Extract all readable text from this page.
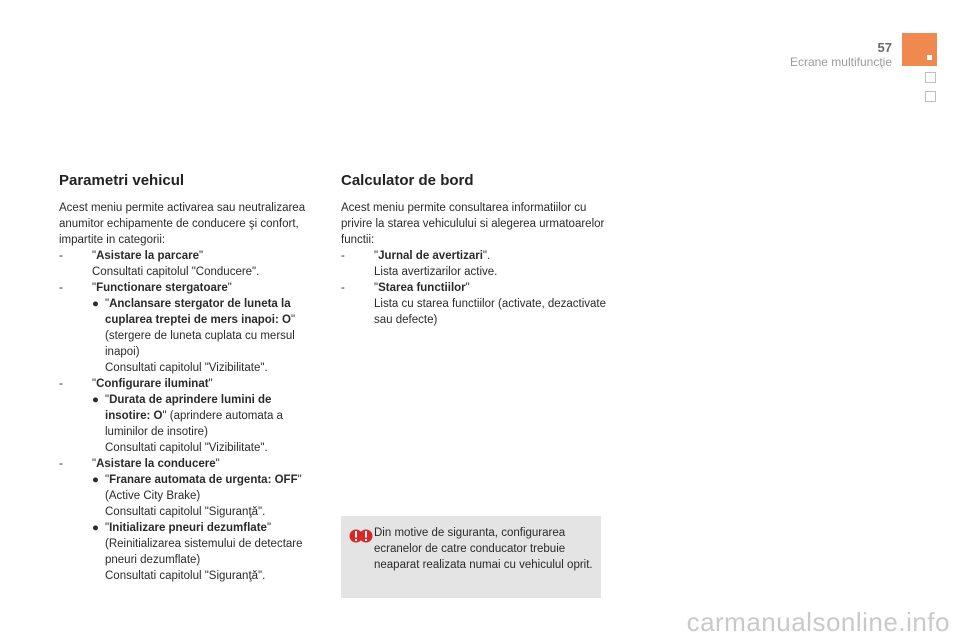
57
Ecrane multifuncţie
Parametri vehicul

Acest meniu permite activarea sau neutralizarea anumitor echipamente de conducere şi confort, impartite in categorii:

-	"Asistare la parcare"
Consultati capitolul "Conducere".
-	"Functionare stergatoare"
● "Anclansare stergator de luneta la cuplarea treptei de mers inapoi: O"
(stergere de luneta cuplata cu mersul inapoi)
Consultati capitolul "Vizibilitate".
-	"Configurare iluminat"
● "Durata de aprindere lumini de insotire: O" (aprindere automata a luminilor de insotire)
Consultati capitolul "Vizibilitate".
-	"Asistare la conducere"
● "Franare automata de urgenta: OFF"
(Active City Brake)
Consultati capitolul "Siguranţă".
● "Initializare pneuri dezumflate"
(Reinitializarea sistemului de detectare pneuri dezumflate)
Consultati capitolul "Siguranţă".
Calculator de bord

Acest meniu permite consultarea informatiilor cu privire la starea vehiculului si alegerea urmatoarelor functii:

-	"Jurnal de avertizari".
Lista avertizarilor active.
-	"Starea functiilor"
Lista cu starea functiilor (activate, dezactivate sau defecte)
Din motive de siguranta, configurarea ecranelor de catre conducator trebuie neaparat realizata numai cu vehiculul oprit.
carmanualsonline.info
